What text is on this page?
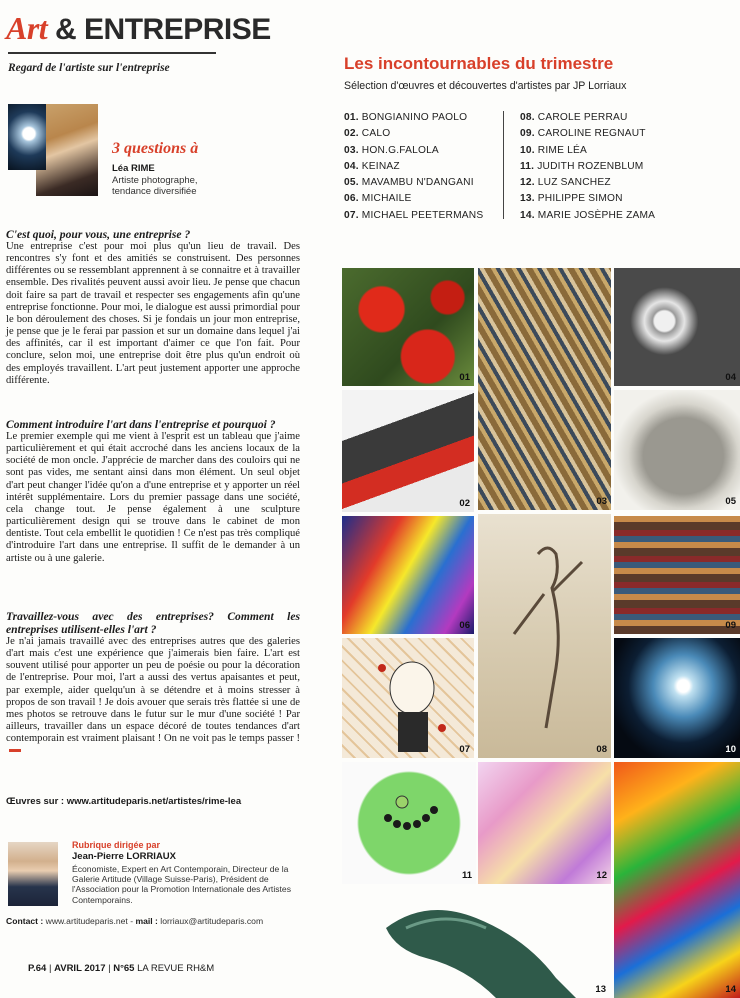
Art & ENTREPRISE
Regard de l'artiste sur l'entreprise
3 questions à
Léa RIME
Artiste photographe, tendance diversifiée
C'est quoi, pour vous, une entreprise ?

Une entreprise c'est pour moi plus qu'un lieu de travail. Des rencontres s'y font et des amitiés se construisent. Des personnes différentes ou se ressemblant apprennent à se connaitre et à travailler ensemble. Des rivalités peuvent aussi avoir lieu. Je pense que chacun doit faire sa part de travail et respecter ses engagements afin qu'une entreprise fonctionne. Pour moi, le dialogue est aussi primordial pour le bon déroulement des choses. Si je fondais un jour mon entreprise, je pense que je le ferai par passion et sur un domaine dans lequel j'ai des affinités, car il est important d'aimer ce que l'on fait. Pour conclure, selon moi, une entreprise doit être plus qu'un endroit où des employés travaillent. L'art peut justement apporter une approche différente.

Comment introduire l'art dans l'entreprise et pourquoi ?

Le premier exemple qui me vient à l'esprit est un tableau que j'aime particulièrement et qui était accroché dans les anciens locaux de la société de mon oncle. J'apprécie de marcher dans des couloirs qui ne sont pas vides, me sentant ainsi dans mon élément. Un seul objet d'art peut changer l'idée qu'on a d'une entreprise et y apporter un réel intérêt supplémentaire. Lors du premier passage dans une société, cela change tout. Je pense également à une sculpture particulièrement design qui se trouve dans le cabinet de mon dentiste. Tout cela embellit le quotidien ! Ce n'est pas très compliqué d'introduire l'art dans une entreprise. Il suffit de le demander à un artiste ou à une galerie.

Travaillez-vous avec des entreprises? Comment les entreprises utilisent-elles l'art ?

Je n'ai jamais travaillé avec des entreprises autres que des galeries d'art mais c'est une expérience que j'aimerais bien faire. L'art est souvent utilisé pour apporter un peu de poésie ou pour la décoration de l'entreprise. Pour moi, l'art a aussi des vertus apaisantes et peut, par exemple, aider quelqu'un à se détendre et à moins stresser à propos de son travail ! Je dois avouer que serais très flattée si une de mes photos se retrouve dans le futur sur le mur d'une société ! Par ailleurs, travailler dans un espace décoré de toutes tendances d'art contemporain est vraiment plaisant ! On ne voit pas le temps passer !

Œuvres sur : www.artitudeparis.net/artistes/rime-lea
Rubrique dirigée par
Jean-Pierre LORRIAUX
Économiste, Expert en Art Contemporain, Directeur de la Galerie Artitude (Village Suisse-Paris), Président de l'Association pour la Promotion Internationale des Artistes Contemporains.
Contact : www.artitudeparis.net - mail : lorriaux@artitudeparis.com
P.64 | AVRIL 2017 | N°65 LA REVUE RH&M
Les incontournables du trimestre
Sélection d'œuvres et découvertes d'artistes par JP Lorriaux
01. BONGIANINO PAOLO
02. CALO
03. HON.G.FALOLA
04. KEINAZ
05. MAVAMBU N'DANGANI
06. MICHAILE
07. MICHAEL PEETERMANS
08. CAROLE PERRAU
09. CAROLINE REGNAUT
10. RIME LÉA
11. JUDITH ROZENBLUM
12. LUZ SANCHEZ
13. PHILIPPE SIMON
14. MARIE JOSÈPHE ZAMA
01
03
04
02	05
06	09
08
07	10
11	12
14
13
